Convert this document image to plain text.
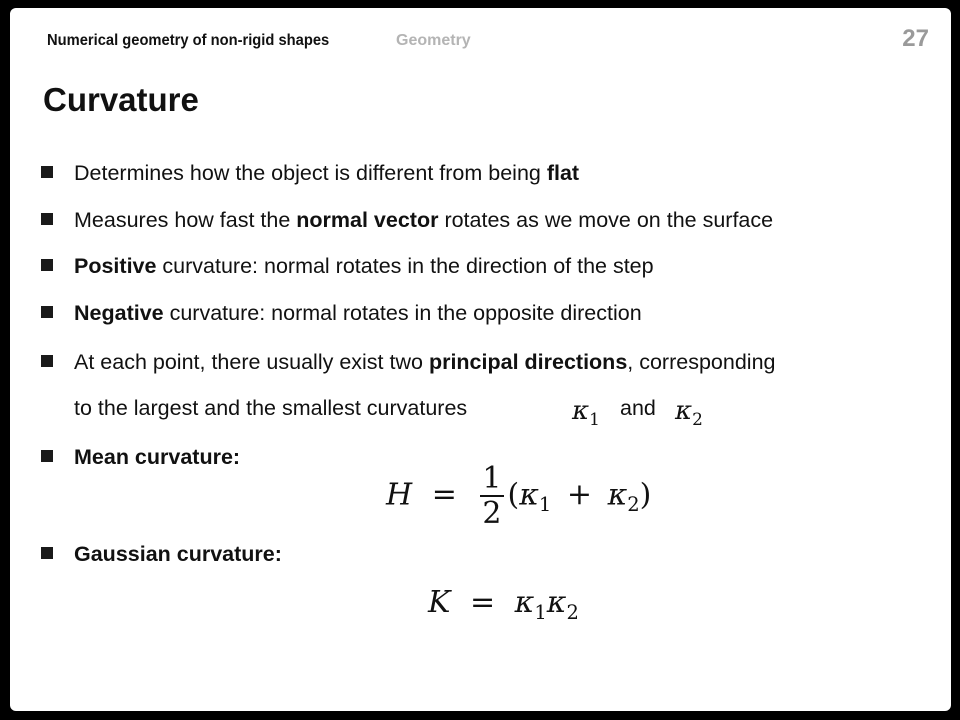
Numerical geometry of non-rigid shapes	Geometry	27
Curvature
Determines how the object is different from being flat
Measures how fast the normal vector rotates as we move on the surface
Positive curvature: normal rotates in the direction of the step
Negative curvature: normal rotates in the opposite direction
At each point, there usually exist two principal directions, corresponding
to the largest and the smallest curvatures	$\kappa_1$ and $\kappa_2$
Mean curvature:
$H = \frac{1}{2} (\kappa_1 + \kappa_2)$
Gaussian curvature:
$K = \kappa_1\kappa_2$
